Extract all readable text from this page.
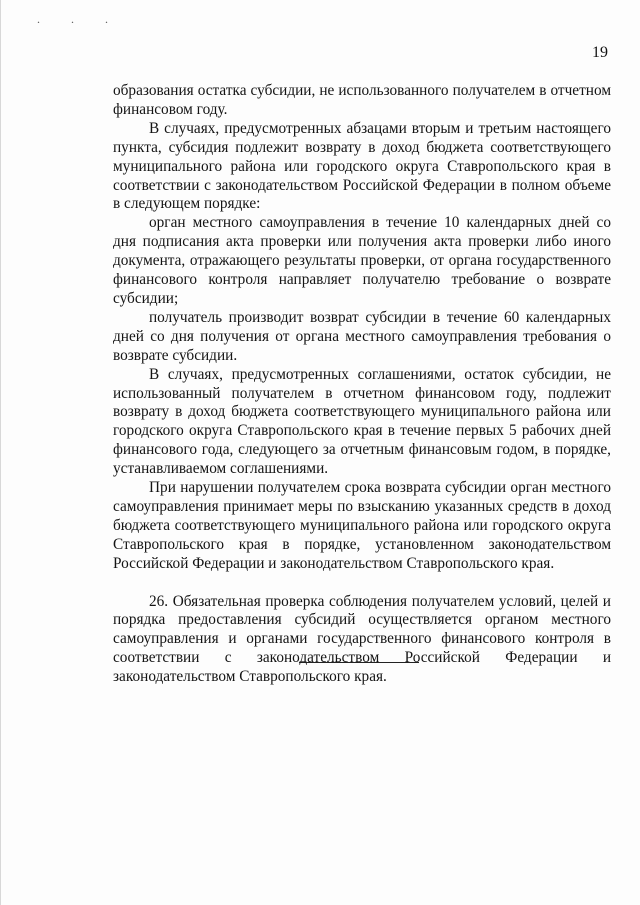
. . .
19

образования остатка субсидии, не использованного получателем в отчетном финансовом году.

В случаях, предусмотренных абзацами вторым и третьим настоящего пункта, субсидия подлежит возврату в доход бюджета соответствующего муниципального района или городского округа Ставропольского края в соответствии с законодательством Российской Федерации в полном объеме в следующем порядке:

орган местного самоуправления в течение 10 календарных дней со дня подписания акта проверки или получения акта проверки либо иного документа, отражающего результаты проверки, от органа государственного финансового контроля направляет получателю требование о возврате субсидии;

получатель производит возврат субсидии в течение 60 календарных дней со дня получения от органа местного самоуправления требования о возврате субсидии.

В случаях, предусмотренных соглашениями, остаток субсидии, не использованный получателем в отчетном финансовом году, подлежит возврату в доход бюджета соответствующего муниципального района или городского округа Ставропольского края в течение первых 5 рабочих дней финансового года, следующего за отчетным финансовым годом, в порядке, устанавливаемом соглашениями.

При нарушении получателем срока возврата субсидии орган местного самоуправления принимает меры по взысканию указанных средств в доход бюджета соответствующего муниципального района или городского округа Ставропольского края в порядке, установленном законодательством Российской Федерации и законодательством Ставропольского края.

26. Обязательная проверка соблюдения получателем условий, целей и порядка предоставления субсидий осуществляется органом местного самоуправления и органами государственного финансового контроля в соответствии с законодательством Российской Федерации и законодательством Ставропольского края.
